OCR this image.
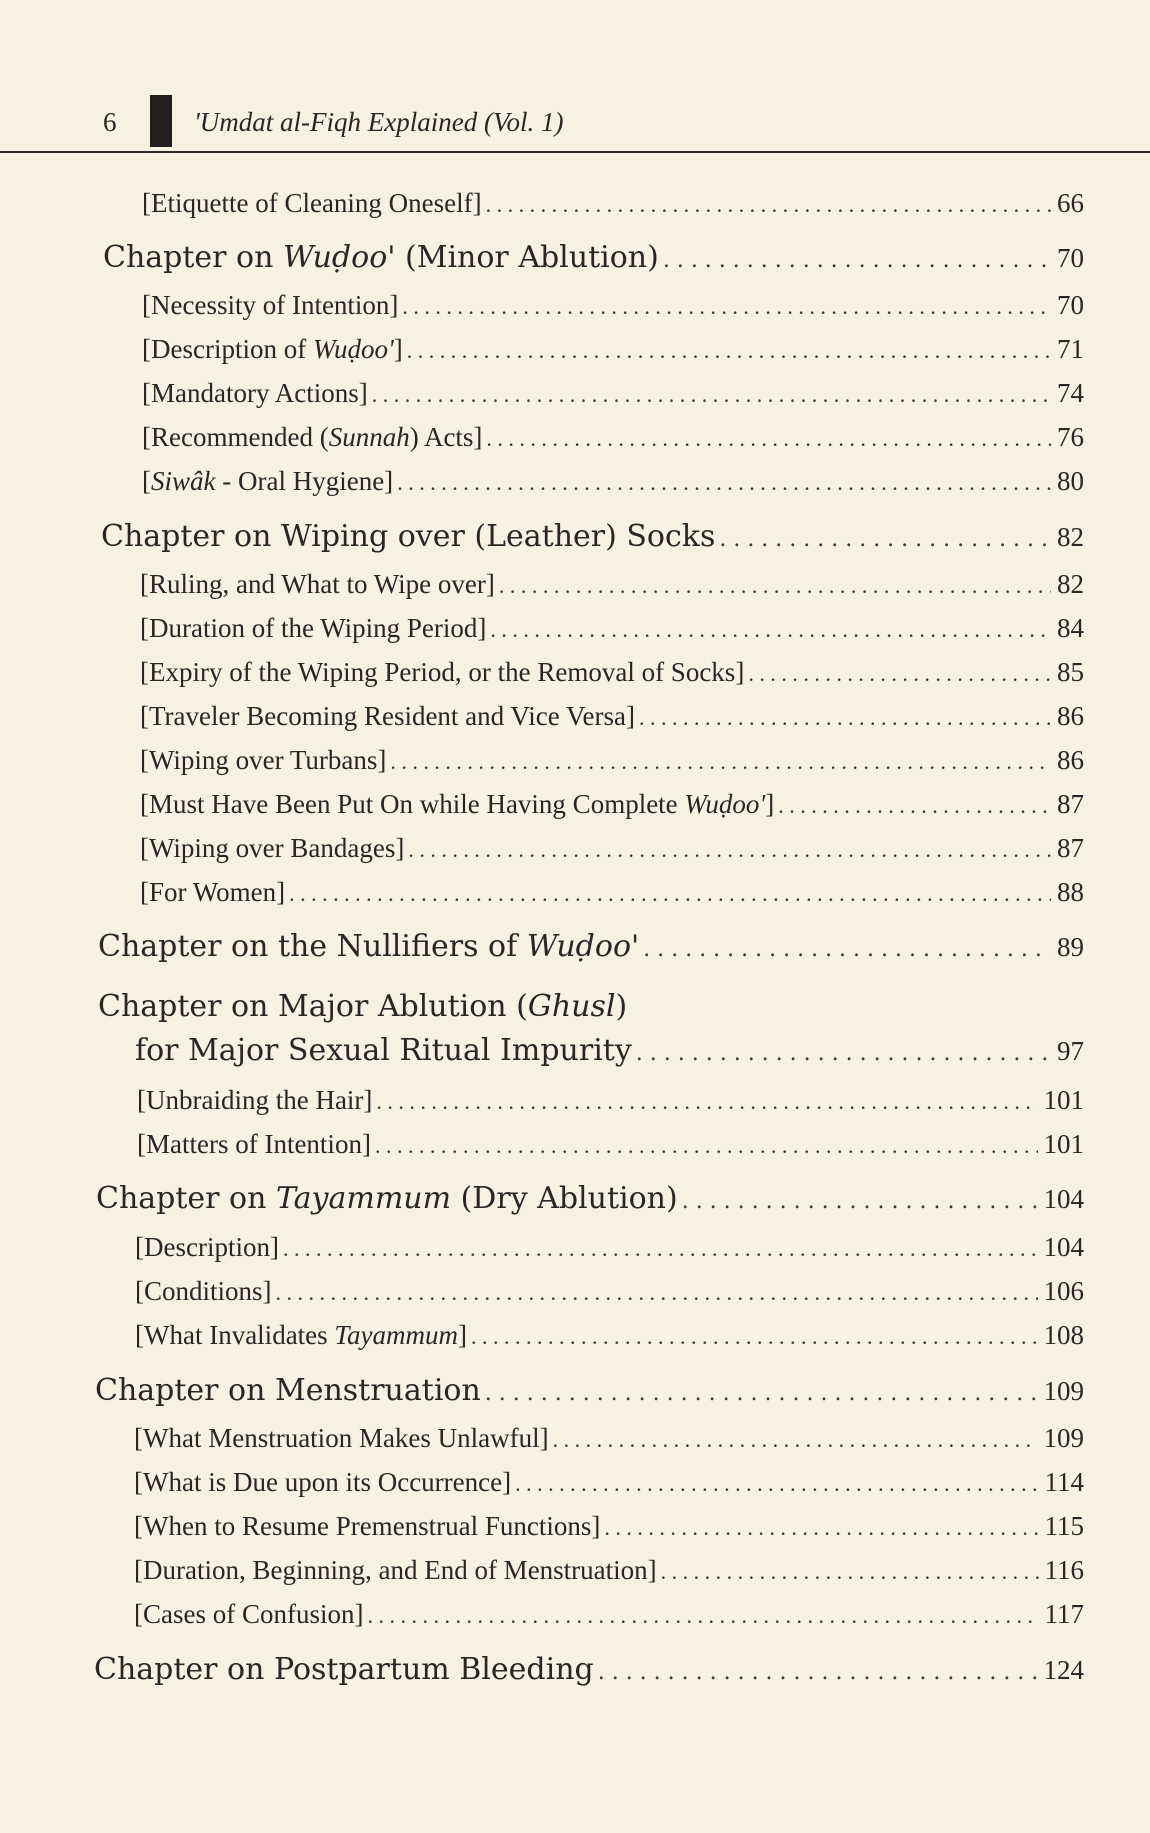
6	'Umdat al-Fiqh Explained (Vol. 1)
[Etiquette of Cleaning Oneself] . . .	66
Chapter on Wuḍoo' (Minor Ablution) . . .	70
[Necessity of Intention] . . .	70
[Description of Wuḍoo'] . . .	71
[Mandatory Actions] . . .	74
[Recommended (Sunnah) Acts] . . .	76
[Siwâk - Oral Hygiene] . . .	80
Chapter on Wiping over (Leather) Socks . . .	82
[Ruling, and What to Wipe over] . . .	82
[Duration of the Wiping Period] . . .	84
[Expiry of the Wiping Period, or the Removal of Socks] . . .	85
[Traveler Becoming Resident and Vice Versa] . . .	86
[Wiping over Turbans] . . .	86
[Must Have Been Put On while Having Complete Wuḍoo'] . . .	87
[Wiping over Bandages] . . .	87
[For Women] . . .	88
Chapter on the Nullifiers of Wuḍoo' . . .	89
Chapter on Major Ablution (Ghusl)
for Major Sexual Ritual Impurity . . .	97
[Unbraiding the Hair] . . .	101
[Matters of Intention] . . .	101
Chapter on Tayammum (Dry Ablution) . . .	104
[Description] . . .	104
[Conditions] . . .	106
[What Invalidates Tayammum] . . .	108
Chapter on Menstruation . . .	109
[What Menstruation Makes Unlawful] . . .	109
[What is Due upon its Occurrence] . . .	114
[When to Resume Premenstrual Functions] . . .	115
[Duration, Beginning, and End of Menstruation] . . .	116
[Cases of Confusion] . . .	117
Chapter on Postpartum Bleeding . . .	124
